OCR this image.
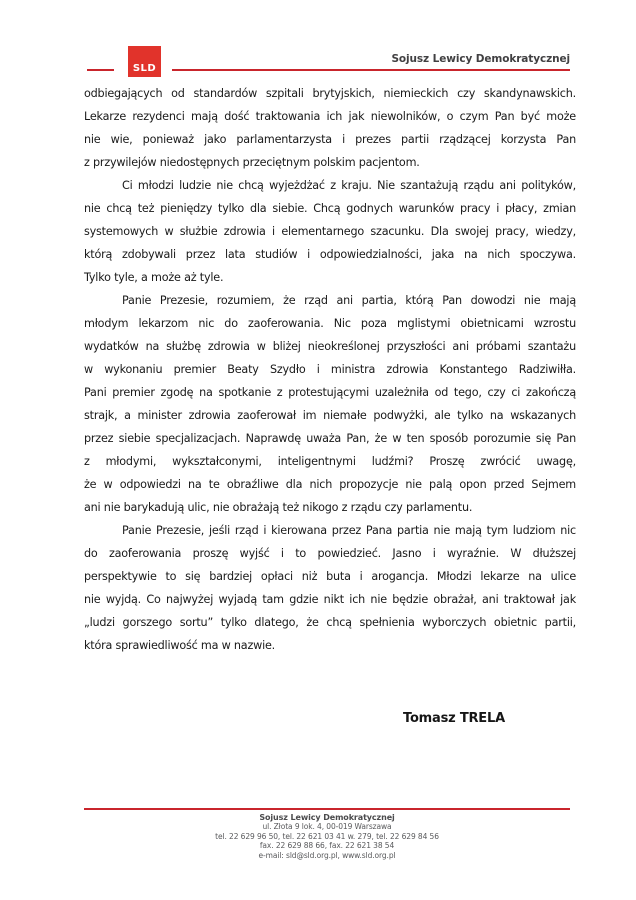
SLD
Sojusz Lewicy Demokratycznej
odbiegających od standardów szpitali brytyjskich, niemieckich czy skandynawskich.
Lekarze rezydenci mają dość traktowania ich jak niewolników, o czym Pan być może
nie wie, ponieważ jako parlamentarzysta i prezes partii rządzącej korzysta Pan
z przywilejów niedostępnych przeciętnym polskim pacjentom.
Ci młodzi ludzie nie chcą wyjeżdżać z kraju. Nie szantażują rządu ani polityków,
nie chcą też pieniędzy tylko dla siebie. Chcą godnych warunków pracy i płacy, zmian
systemowych w służbie zdrowia i elementarnego szacunku. Dla swojej pracy, wiedzy,
którą zdobywali przez lata studiów i odpowiedzialności, jaka na nich spoczywa.
Tylko tyle, a może aż tyle.
Panie Prezesie, rozumiem, że rząd ani partia, którą Pan dowodzi nie mają
młodym lekarzom nic do zaoferowania. Nic poza mglistymi obietnicami wzrostu
wydatków na służbę zdrowia w bliżej nieokreślonej przyszłości ani próbami szantażu
w wykonaniu premier Beaty Szydło i ministra zdrowia Konstantego Radziwiłła.
Pani premier zgodę na spotkanie z protestującymi uzależniła od tego, czy ci zakończą
strajk, a minister zdrowia zaoferował im niemałe podwyżki, ale tylko na wskazanych
przez siebie specjalizacjach. Naprawdę uważa Pan, że w ten sposób porozumie się Pan
z młodymi, wykształconymi, inteligentnymi ludźmi? Proszę zwrócić uwagę,
że w odpowiedzi na te obraźliwe dla nich propozycje nie palą opon przed Sejmem
ani nie barykadują ulic, nie obrażają też nikogo z rządu czy parlamentu.
Panie Prezesie, jeśli rząd i kierowana przez Pana partia nie mają tym ludziom nic
do zaoferowania proszę wyjść i to powiedzieć. Jasno i wyraźnie. W dłuższej
perspektywie to się bardziej opłaci niż buta i arogancja. Młodzi lekarze na ulice
nie wyjdą. Co najwyżej wyjadą tam gdzie nikt ich nie będzie obrażał, ani traktował jak
„ludzi gorszego sortu” tylko dlatego, że chcą spełnienia wyborczych obietnic partii,
która sprawiedliwość ma w nazwie.
Tomasz TRELA
Sojusz Lewicy Demokratycznej
ul. Złota 9 lok. 4, 00-019 Warszawa
tel. 22 629 96 50, tel. 22 621 03 41 w. 279, tel. 22 629 84 56
fax. 22 629 88 66, fax. 22 621 38 54
e-mail: sld@sld.org.pl, www.sld.org.pl
